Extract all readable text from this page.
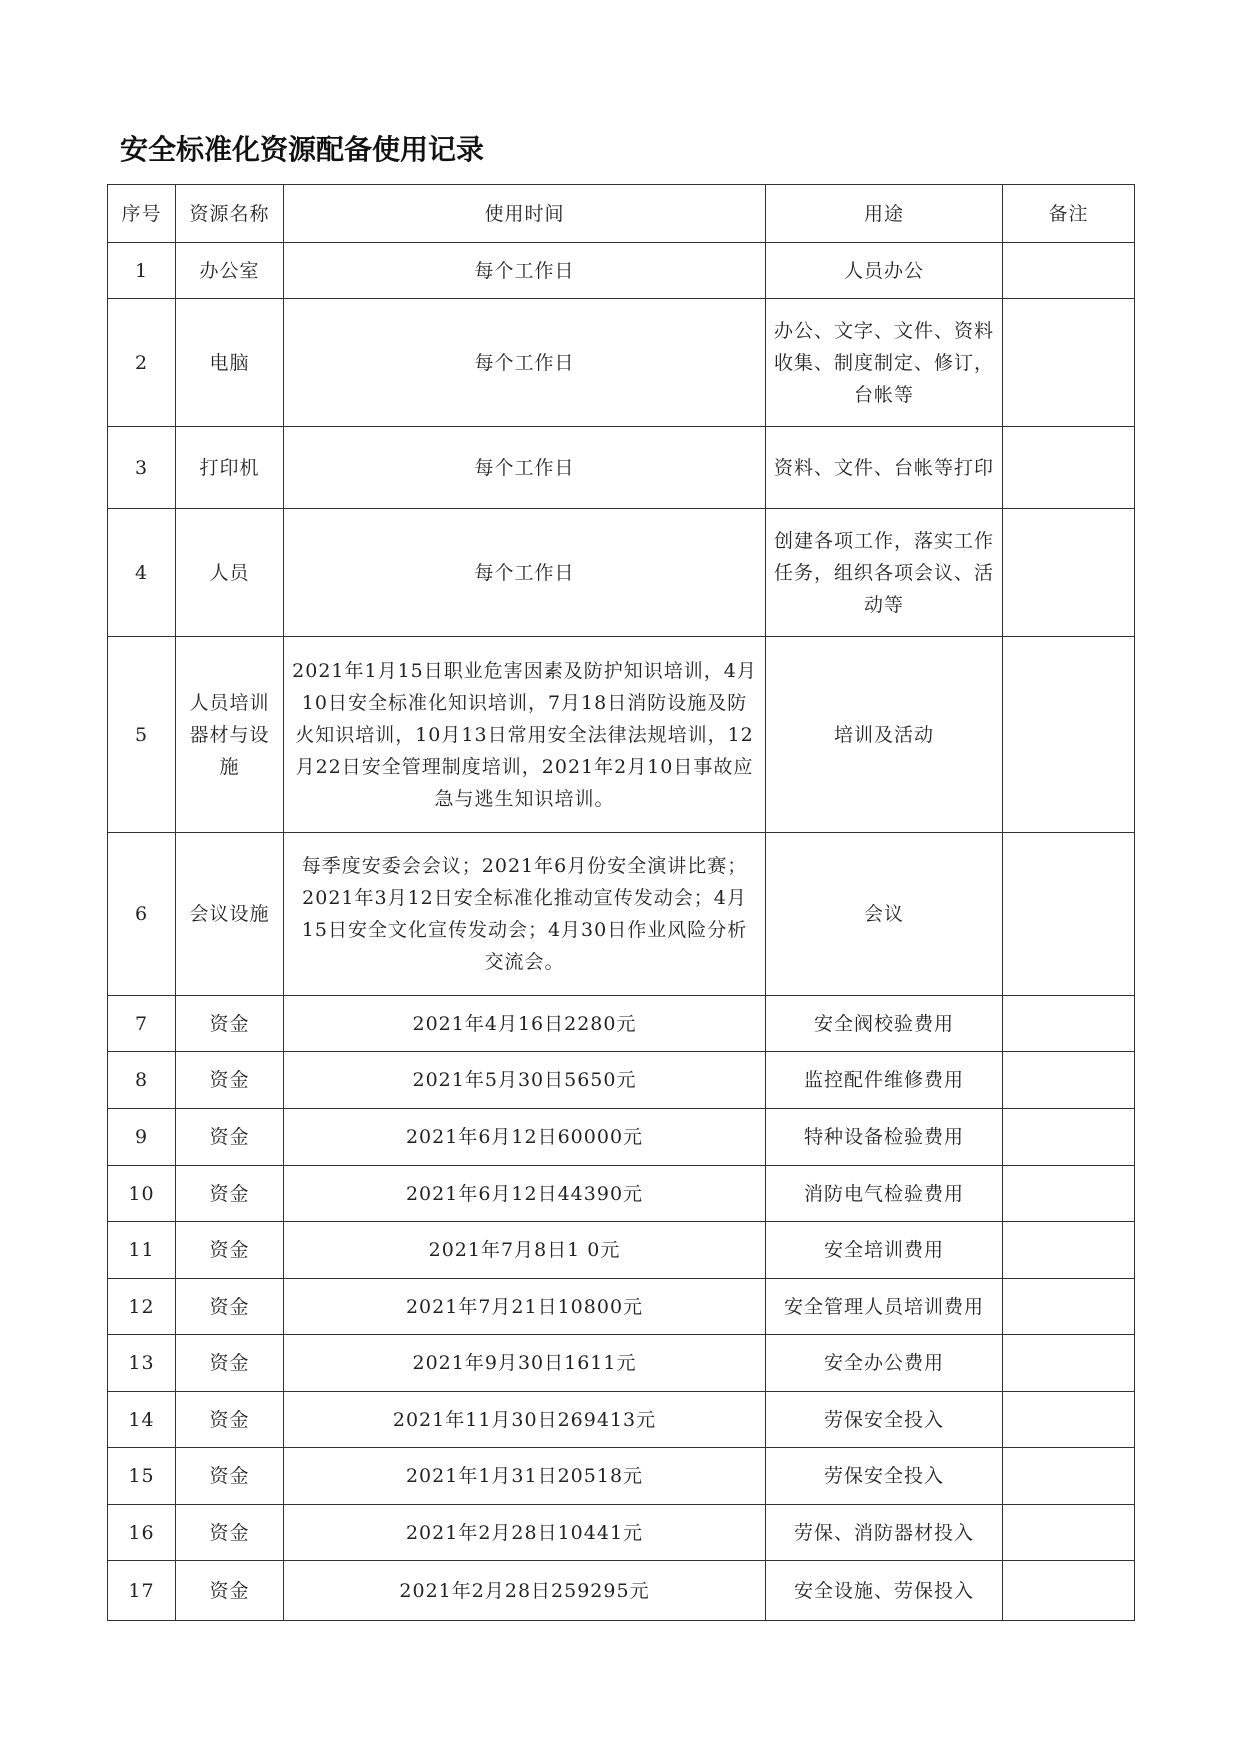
安全标准化资源配备使用记录
序号	资源名称	使用时间	用途	备注
1	办公室	每个工作日	人员办公	
2	电脑	每个工作日	办公、文字、文件、资料收集、制度制定、修订，台帐等	
3	打印机	每个工作日	资料、文件、台帐等打印	
4	人员	每个工作日	创建各项工作，落实工作任务，组织各项会议、活动等	
5	人员培训器材与设施	2021年1月15日职业危害因素及防护知识培训，4月10日安全标准化知识培训，7月18日消防设施及防火知识培训，10月13日常用安全法律法规培训，12月22日安全管理制度培训，2021年2月10日事故应急与逃生知识培训。	培训及活动	
6	会议设施	每季度安委会会议；2021年6月份安全演讲比赛；2021年3月12日安全标准化推动宣传发动会；4月15日安全文化宣传发动会；4月30日作业风险分析交流会。	会议	
7	资金	2021年4月16日2280元	安全阀校验费用	
8	资金	2021年5月30日5650元	监控配件维修费用	
9	资金	2021年6月12日60000元	特种设备检验费用	
10	资金	2021年6月12日44390元	消防电气检验费用	
11	资金	2021年7月8日1 0元	安全培训费用	
12	资金	2021年7月21日10800元	安全管理人员培训费用	
13	资金	2021年9月30日1611元	安全办公费用	
14	资金	2021年11月30日269413元	劳保安全投入	
15	资金	2021年1月31日20518元	劳保安全投入	
16	资金	2021年2月28日10441元	劳保、消防器材投入	
17	资金	2021年2月28日259295元	安全设施、劳保投入	
